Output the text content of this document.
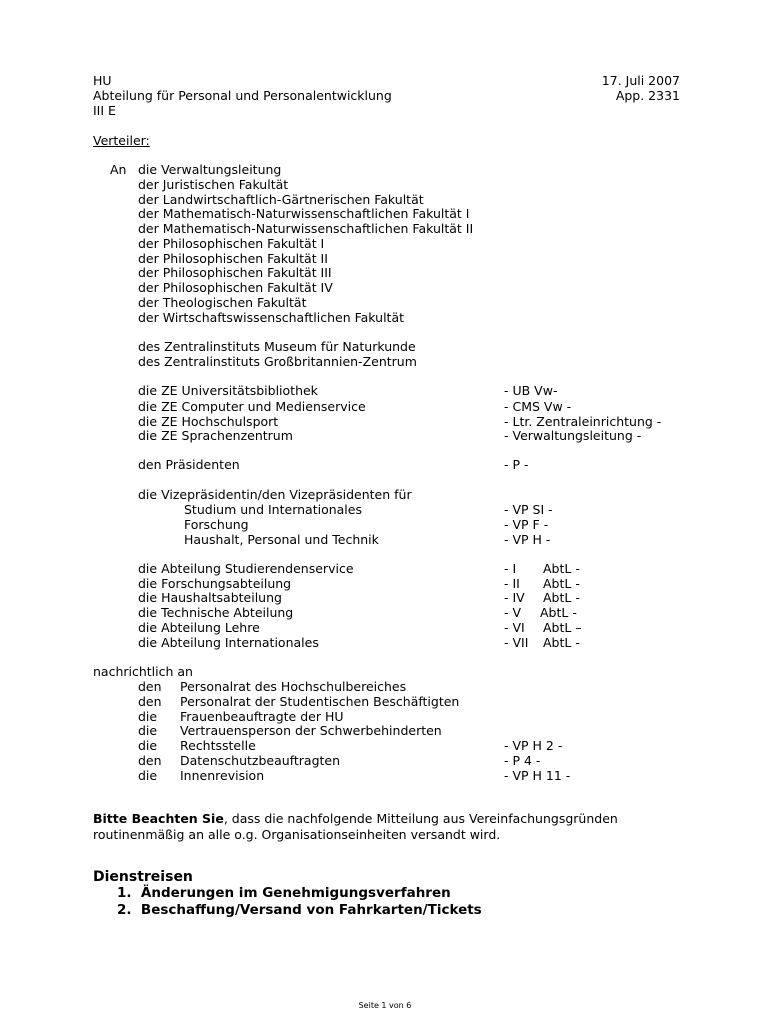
HU
Abteilung für Personal und Personalentwicklung
III E
17. Juli 2007
App. 2331
Verteiler:
An die Verwaltungsleitung
der Juristischen Fakultät
der Landwirtschaftlich-Gärtnerischen Fakultät
der Mathematisch-Naturwissenschaftlichen Fakultät I
der Mathematisch-Naturwissenschaftlichen Fakultät II
der Philosophischen Fakultät I
der Philosophischen Fakultät II
der Philosophischen Fakultät III
der Philosophischen Fakultät IV
der Theologischen Fakultät
der Wirtschaftswissenschaftlichen Fakultät
des Zentralinstituts Museum für Naturkunde
des Zentralinstituts Großbritannien-Zentrum
die ZE Universitätsbibliothek	- UB Vw-
die ZE Computer und Medienservice	- CMS Vw -
die ZE Hochschulsport	- Ltr. Zentraleinrichtung -
die ZE Sprachenzentrum	- Verwaltungsleitung -
den Präsidenten	- P -
die Vizepräsidentin/den Vizepräsidenten für
Studium und Internationales	- VP SI -
Forschung	- VP F -
Haushalt, Personal und Technik	- VP H -
die Abteilung Studierendenservice	- I AbtL -
die Forschungsabteilung	- II AbtL -
die Haushaltsabteilung	- IV AbtL -
die Technische Abteilung	- V AbtL -
die Abteilung Lehre	- VI AbtL –
die Abteilung Internationales	- VII AbtL -
nachrichtlich an
den Personalrat des Hochschulbereiches
den Personalrat der Studentischen Beschäftigten
die Frauenbeauftragte der HU
die Vertrauensperson der Schwerbehinderten
die Rechtsstelle	- VP H 2 -
den Datenschutzbeauftragten	- P 4 -
die Innenrevision	- VP H 11 -
Bitte Beachten Sie, dass die nachfolgende Mitteilung aus Vereinfachungsgründen
routinenmäßig an alle o.g. Organisationseinheiten versandt wird.
Dienstreisen
1.  Änderungen im Genehmigungsverfahren
2.  Beschaffung/Versand von Fahrkarten/Tickets
Seite 1 von 6
